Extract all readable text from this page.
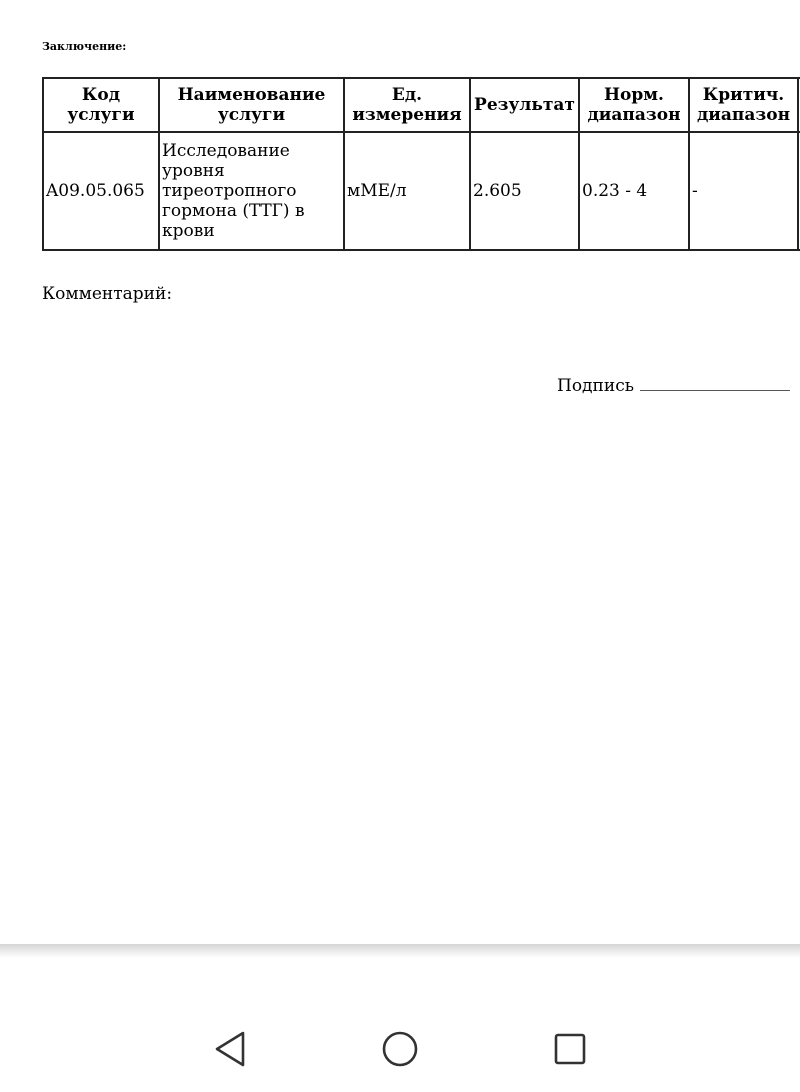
Заключение:
Код услуги	Наименование услуги	Ед. измерения	Результат	Норм. диапазон	Критич. диапазон	
A09.05.065	Исследование уровня тиреотропного гормона (ТТГ) в крови	мМЕ/л	2.605	0.23 - 4	-	
Комментарий:
Подпись
